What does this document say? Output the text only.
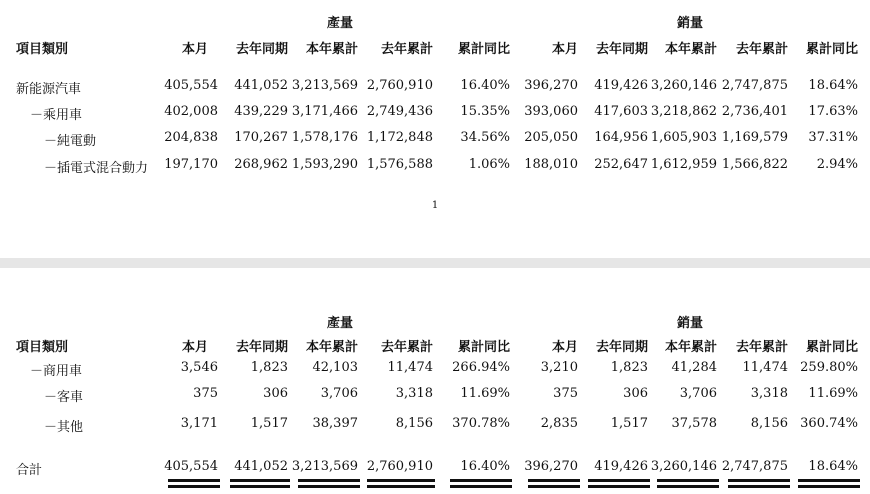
產量	銷量
項目類別	本月	去年同期	本年累計	去年累計	累計同比	本月	去年同期	本年累計	去年累計	累計同比
新能源汽車	405,554	441,052 3,213,569 2,760,910	16.40%	396,270	419,426 3,260,146 2,747,875	18.64%
－乘用車	402,008	439,229 3,171,466 2,749,436	15.35%	393,060	417,603 3,218,862 2,736,401	17.63%
－純電動	204,838	170,267 1,578,176 1,172,848	34.56%	205,050	164,956 1,605,903 1,169,579	37.31%
－插電式混合動力	197,170	268,962 1,593,290 1,576,588	1.06%	188,010	252,647 1,612,959 1,566,822	2.94%
1
產量	銷量
項目類別	本月	去年同期	本年累計	去年累計	累計同比	本月	去年同期	本年累計	去年累計	累計同比
－商用車	3,546	1,823	42,103	11,474	266.94%	3,210	1,823	41,284	11,474 259.80%
－客車	375	306	3,706	3,318	11.69%	375	306	3,706	3,318	11.69%
－其他	3,171	1,517	38,397	8,156	370.78%	2,835	1,517	37,578	8,156 360.74%
合計	405,554	441,052 3,213,569 2,760,910	16.40%	396,270	419,426 3,260,146 2,747,875	18.64%
